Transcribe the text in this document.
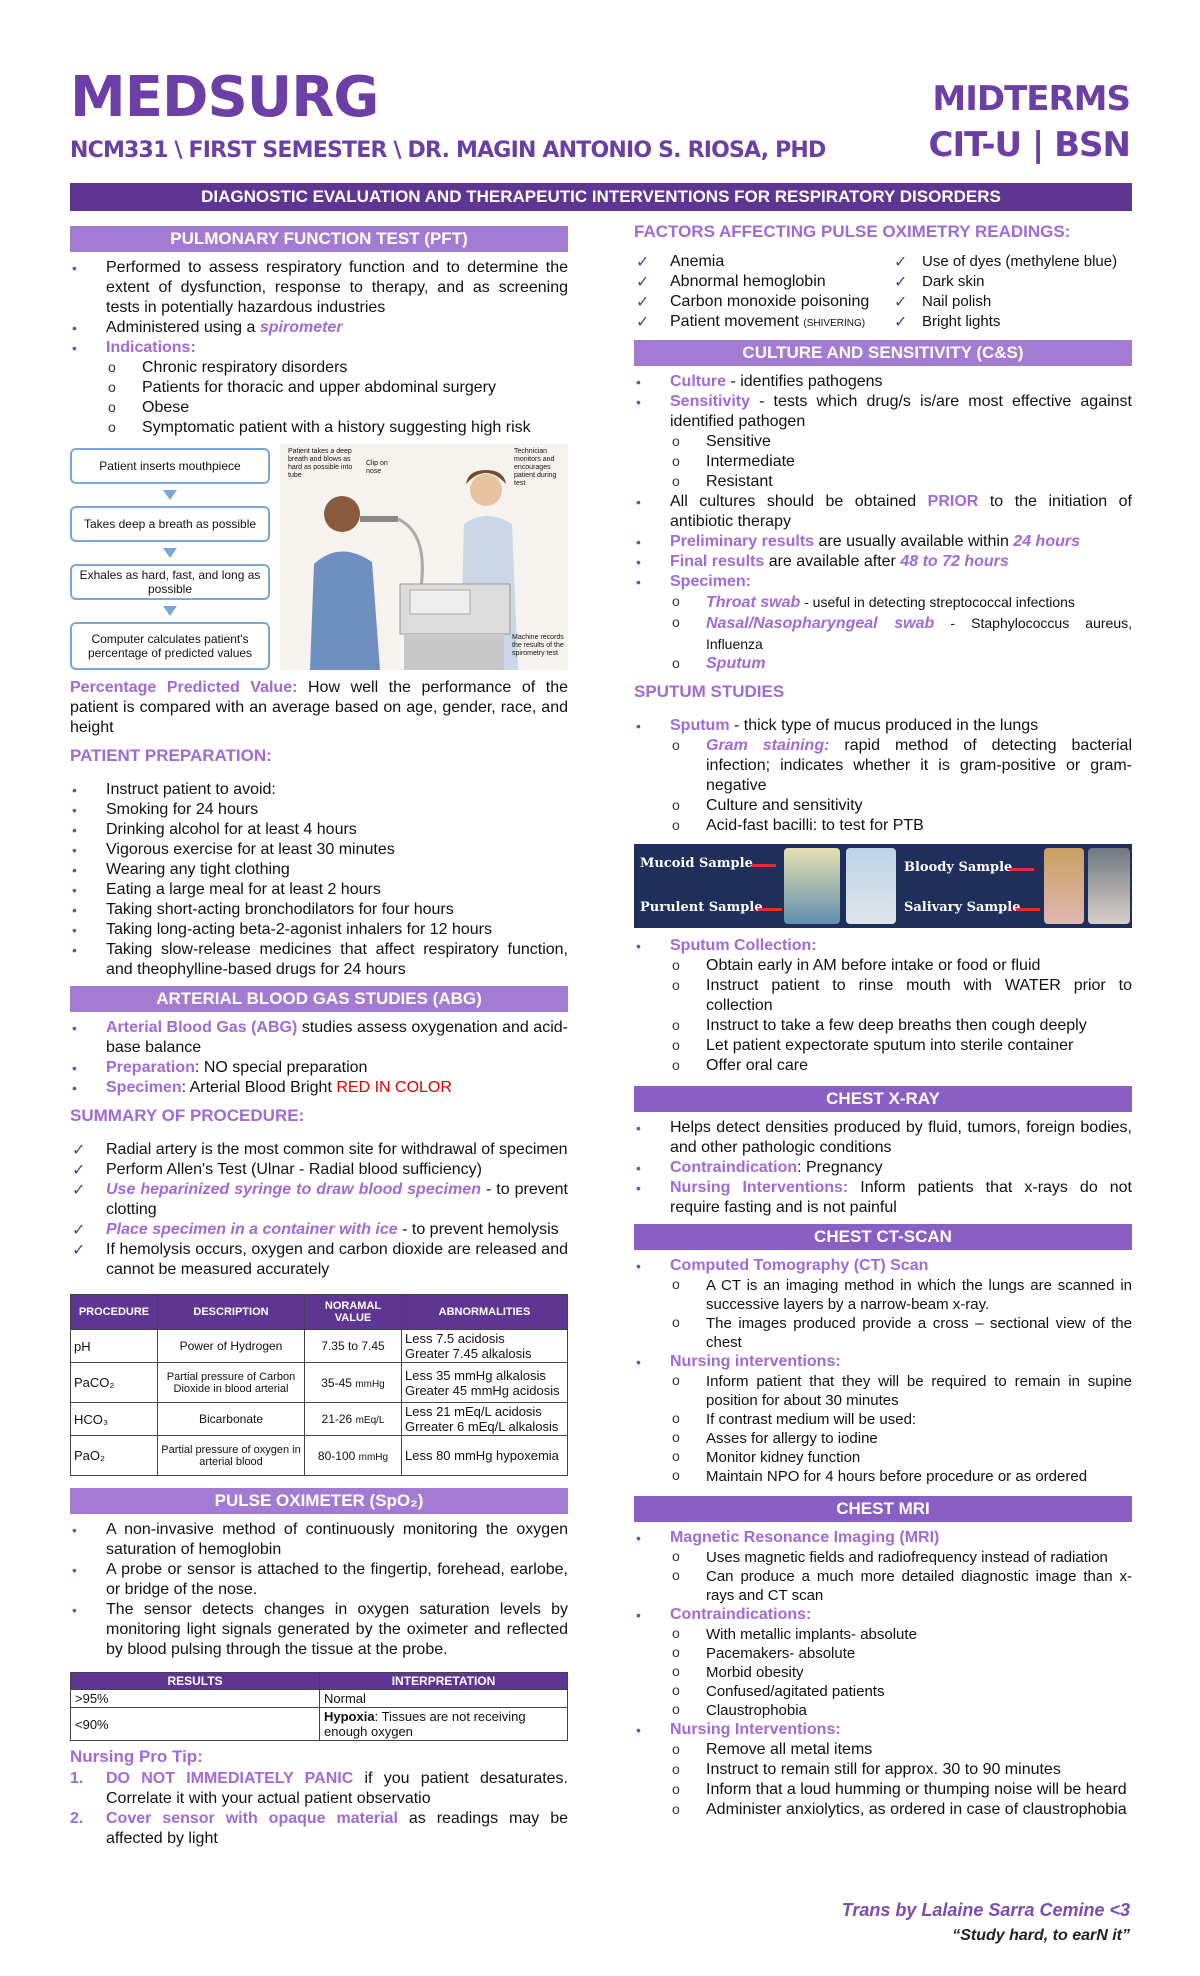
MEDSURG
NCM331 \ FIRST SEMESTER \ DR. MAGIN ANTONIO S. RIOSA, PHD
MIDTERMS
CIT-U | BSN
DIAGNOSTIC EVALUATION AND THERAPEUTIC INTERVENTIONS FOR RESPIRATORY DISORDERS
PULMONARY FUNCTION TEST (PFT)
• Performed to assess respiratory function and to determine the extent of dysfunction, response to therapy, and as screening tests in potentially hazardous industries
• Administered using a spirometer
• Indications:
o Chronic respiratory disorders
o Patients for thoracic and upper abdominal surgery
o Obese
o Symptomatic patient with a history suggesting high risk
Patient inserts mouthpiece
Takes deep a breath as possible
Exhales as hard, fast, and long as possible
Computer calculates patient's percentage of predicted values
Patient takes a deep breath and blows as hard as possible into tube
Clip on nose
Technician monitors and encourages patient during test
Machine records the results of the spirometry test
Percentage Predicted Value: How well the performance of the patient is compared with an average based on age, gender, race, and height
PATIENT PREPARATION:
• Instruct patient to avoid:
• Smoking for 24 hours
• Drinking alcohol for at least 4 hours
• Vigorous exercise for at least 30 minutes
• Wearing any tight clothing
• Eating a large meal for at least 2 hours
• Taking short-acting bronchodilators for four hours
• Taking long-acting beta-2-agonist inhalers for 12 hours
• Taking slow-release medicines that affect respiratory function, and theophylline-based drugs for 24 hours
ARTERIAL BLOOD GAS STUDIES (ABG)
• Arterial Blood Gas (ABG) studies assess oxygenation and acid-base balance
• Preparation: NO special preparation
• Specimen: Arterial Blood Bright RED IN COLOR
SUMMARY OF PROCEDURE:
✓ Radial artery is the most common site for withdrawal of specimen
✓ Perform Allen's Test (Ulnar - Radial blood sufficiency)
✓ Use heparinized syringe to draw blood specimen - to prevent clotting
✓ Place specimen in a container with ice - to prevent hemolysis
✓ If hemolysis occurs, oxygen and carbon dioxide are released and cannot be measured accurately
PROCEDURE	DESCRIPTION	NORAMAL VALUE	ABNORMALITIES
pH	Power of Hydrogen	7.35 to 7.45	Less 7.5 acidosis
Greater 7.45 alkalosis

PaCO₂	Partial pressure of Carbon Dioxide in blood arterial	35-45 mmHg	Less 35 mmHg alkalosis
Greater 45 mmHg acidosis

HCO₃	Bicarbonate	21-26 mEq/L	Less 21 mEq/L acidosis
Grreater 6 mEq/L alkalosis

PaO₂	Partial pressure of oxygen in arterial blood	80-100 mmHg	Less 80 mmHg hypoxemia
PULSE OXIMETER (SpO₂)
• A non-invasive method of continuously monitoring the oxygen saturation of hemoglobin
• A probe or sensor is attached to the fingertip, forehead, earlobe, or bridge of the nose.
• The sensor detects changes in oxygen saturation levels by monitoring light signals generated by the oximeter and reflected by blood pulsing through the tissue at the probe.
RESULTS	INTERPRETATION
>95%	Normal
<90%	Hypoxia: Tissues are not receiving enough oxygen
Nursing Pro Tip:
1. DO NOT IMMEDIATELY PANIC if you patient desaturates. Correlate it with your actual patient observatio
2. Cover sensor with opaque material as readings may be affected by light
FACTORS AFFECTING PULSE OXIMETRY READINGS:
✓ Anemia
✓ Abnormal hemoglobin
✓ Carbon monoxide poisoning
✓ Patient movement (SHIVERING)
✓ Use of dyes (methylene blue)
✓ Dark skin
✓ Nail polish
✓ Bright lights
CULTURE AND SENSITIVITY (C&S)
• Culture - identifies pathogens
• Sensitivity - tests which drug/s is/are most effective against identified pathogen
o Sensitive
o Intermediate
o Resistant
• All cultures should be obtained PRIOR to the initiation of antibiotic therapy
• Preliminary results are usually available within 24 hours
• Final results are available after 48 to 72 hours
• Specimen:
o Throat swab - useful in detecting streptococcal infections
o Nasal/Nasopharyngeal swab - Staphylococcus aureus, Influenza
o Sputum
SPUTUM STUDIES
• Sputum - thick type of mucus produced in the lungs
o Gram staining: rapid method of detecting bacterial infection; indicates whether it is gram-positive or gram-negative
o Culture and sensitivity
o Acid-fast bacilli: to test for PTB
Mucoid Sample
Purulent Sample
Bloody Sample
Salivary Sample
• Sputum Collection:
o Obtain early in AM before intake or food or fluid
o Instruct patient to rinse mouth with WATER prior to collection
o Instruct to take a few deep breaths then cough deeply
o Let patient expectorate sputum into sterile container
o Offer oral care
CHEST X-RAY
• Helps detect densities produced by fluid, tumors, foreign bodies, and other pathologic conditions
• Contraindication: Pregnancy
• Nursing Interventions: Inform patients that x-rays do not require fasting and is not painful
CHEST CT-SCAN
• Computed Tomography (CT) Scan
o A CT is an imaging method in which the lungs are scanned in successive layers by a narrow-beam x-ray.
o The images produced provide a cross – sectional view of the chest
• Nursing interventions:
o Inform patient that they will be required to remain in supine position for about 30 minutes
o If contrast medium will be used:
o Asses for allergy to iodine
o Monitor kidney function
o Maintain NPO for 4 hours before procedure or as ordered
CHEST MRI
• Magnetic Resonance Imaging (MRI)
o Uses magnetic fields and radiofrequency instead of radiation
o Can produce a much more detailed diagnostic image than x-rays and CT scan
• Contraindications:
o With metallic implants- absolute
o Pacemakers- absolute
o Morbid obesity
o Confused/agitated patients
o Claustrophobia
• Nursing Interventions:
o Remove all metal items
o Instruct to remain still for approx. 30 to 90 minutes
o Inform that a loud humming or thumping noise will be heard
o Administer anxiolytics, as ordered in case of claustrophobia
Trans by Lalaine Sarra Cemine <3
“Study hard, to earN it”
